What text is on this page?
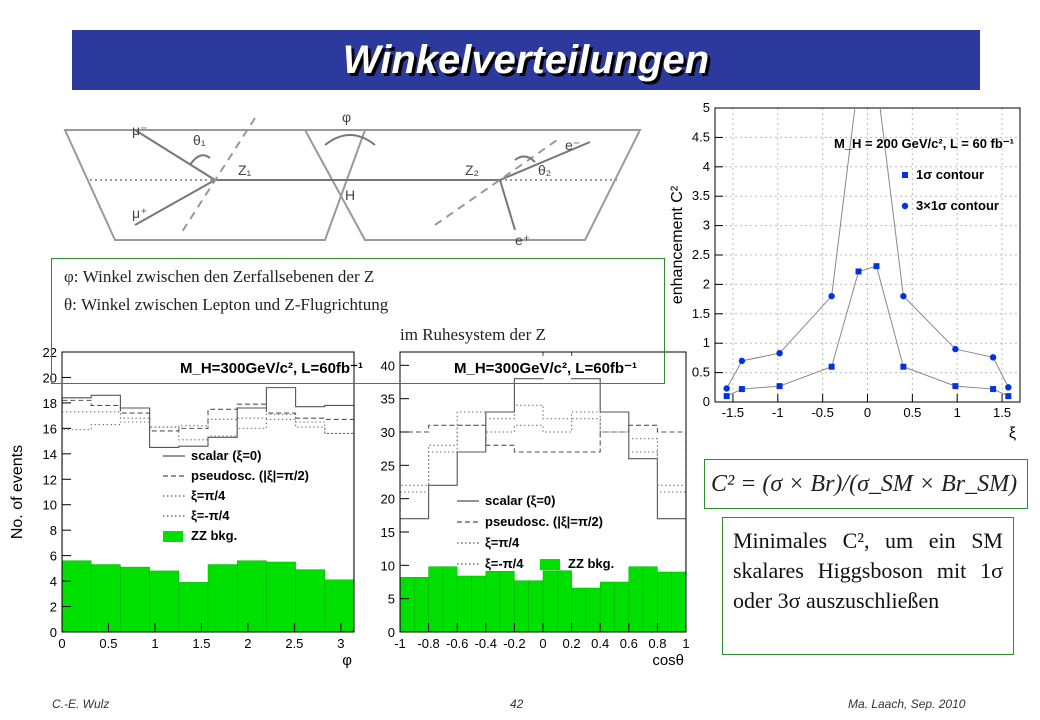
Winkelverteilungen
μ⁻
μ⁺
θ₁
Z₁
φ
H
Z₂	θ₂
e⁻
e⁺
-1.5 -1 -0.5 0 0.5 1 1.5
0
0.5
1
1.5
2
2.5
3
3.5
4
4.5
5
enhancement C²
ξ
M_H = 200 GeV/c², L = 60 fb⁻¹
1σ contour
3×1σ contour
0	0.5	1	1.5	2	2.5	3
0
2
4
6
8
10
12
14
16
18
20
22
No. of events
φ
M_H=300GeV/c², L=60fb⁻¹
scalar (ξ=0)
pseudosc. (|ξ|=π/2)
ξ=π/4
ξ=-π/4
ZZ bkg.
-1 -0.8 -0.6 -0.4 -0.2 0 0.2 0.4 0.6 0.8 1
0
5
10
15
20
25
30
35
40
cosθ
M_H=300GeV/c², L=60fb⁻¹
scalar (ξ=0)
pseudosc. (|ξ|=π/2)
ξ=π/4
ξ=-π/4	ZZ bkg.
φ: Winkel zwischen den Zerfallsebenen der Z
θ: Winkel zwischen Lepton und Z-Flugrichtung
im Ruhesystem der Z
C² = (σ × Br)/(σ_SM × Br_SM)
Minimales C², um ein SM skalares Higgsboson mit 1σ oder 3σ auszuschließen
C.-E. Wulz	42	Ma. Laach, Sep. 2010
